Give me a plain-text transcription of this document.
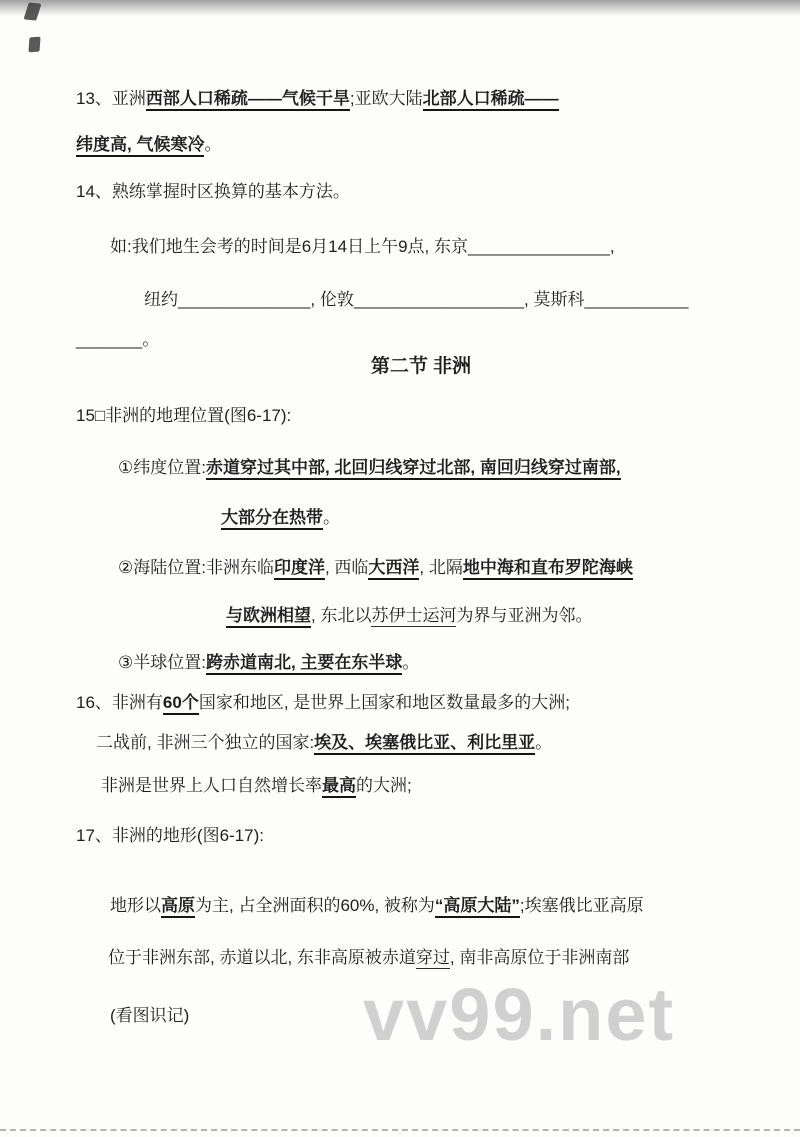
13、亚洲西部人口稀疏——气候干旱;亚欧大陆北部人口稀疏——
纬度高, 气候寒冷。
14、熟练掌握时区换算的基本方法。
如:我们地生会考的时间是6月14日上午9点, 东京_______________,
纽约______________, 伦敦__________________, 莫斯科___________
_______。
第二节 非洲
15□非洲的地理位置(图6-17):
①纬度位置:赤道穿过其中部, 北回归线穿过北部, 南回归线穿过南部,
大部分在热带。
②海陆位置:非洲东临印度洋, 西临大西洋, 北隔地中海和直布罗陀海峡
与欧洲相望, 东北以苏伊士运河为界与亚洲为邻。
③半球位置:跨赤道南北, 主要在东半球。
16、非洲有60个国家和地区, 是世界上国家和地区数量最多的大洲;
二战前, 非洲三个独立的国家:埃及、埃塞俄比亚、利比里亚。
非洲是世界上人口自然增长率最高的大洲;
17、非洲的地形(图6-17):
地形以高原为主, 占全洲面积的60%, 被称为“高原大陆”;埃塞俄比亚高原
位于非洲东部, 赤道以北, 东非高原被赤道穿过, 南非高原位于非洲南部
(看图识记)	vv99.net
